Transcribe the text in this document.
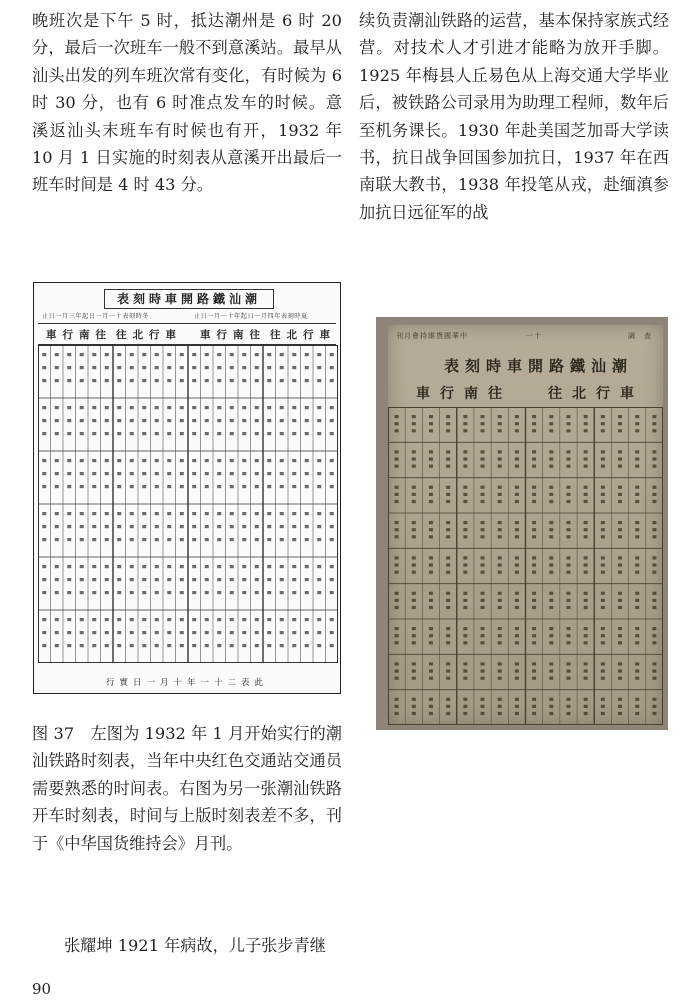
晚班次是下午 5 时，抵达潮州是 6 时 20 分，最后一次班车一般不到意溪站。最早从汕头出发的列车班次常有变化，有时候为 6 时 30 分，也有 6 时准点发车的时候。意溪返汕头末班车有时候也有开，1932 年 10 月 1 日实施的时刻表从意溪开出最后一班车时间是 4 时 43 分。

续负责潮汕铁路的运营，基本保持家族式经营。对技术人才引进才能略为放开手脚。1925 年梅县人丘易色从上海交通大学毕业后，被铁路公司录用为助理工程师，数年后至机务课长。1930 年赴美国芝加哥大学读书，抗日战争回国参加抗日，1937 年在西南联大教书，1938 年投笔从戎，赴缅滇参加抗日远征军的战

表刻時車開路鐵汕潮
止日一月三年起日一月一十表刻時冬	止日一月一十年起日一月四年表刻時夏
車行南往 往北行車 車行南往 往北行車
行實日一月十年一十二表此
刊月會持維貨國華中	一十	調　查
表刻時車開路鐵汕潮
車行南往	往北行車

图 37　左图为 1932 年 1 月开始实行的潮汕铁路时刻表，当年中央红色交通站交通员需要熟悉的时间表。右图为另一张潮汕铁路开车时刻表，时间与上版时刻表差不多，刊于《中华国货维持会》月刊。

张耀坤 1921 年病故，儿子张步青继

90
